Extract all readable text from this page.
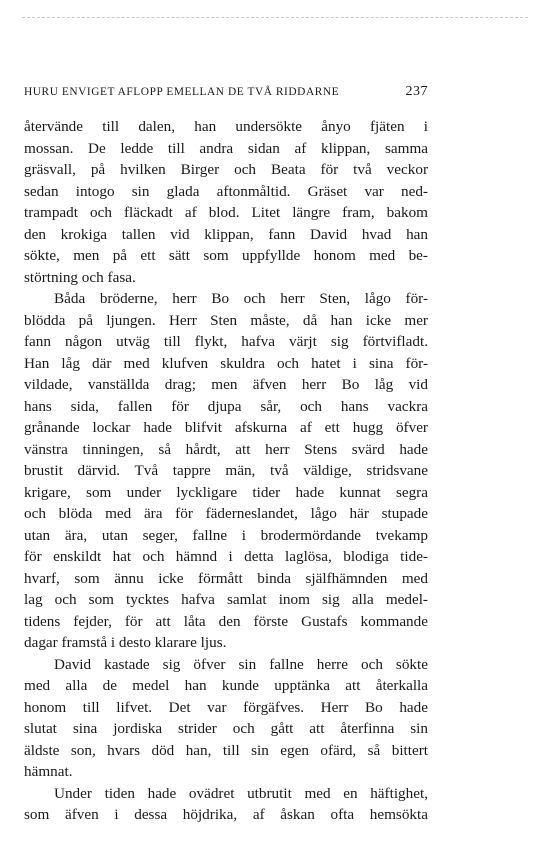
HURU ENVIGET AFLOPP EMELLAN DE TVÅ RIDDARNE	237
återvände till dalen, han undersökte ånyo fjäten i
mossan. De ledde till andra sidan af klippan, samma
gräsvall, på hvilken Birger och Beata för två veckor
sedan intogo sin glada aftonmåltid. Gräset var ned-
trampadt och fläckadt af blod. Litet längre fram, bakom
den krokiga tallen vid klippan, fann David hvad han
sökte, men på ett sätt som uppfyllde honom med be-
störtning och fasa.
Båda bröderne, herr Bo och herr Sten, lågo för-
blödda på ljungen. Herr Sten måste, då han icke mer
fann någon utväg till flykt, hafva värjt sig förtvifladt.
Han låg där med klufven skuldra och hatet i sina för-
vildade, vanställda drag; men äfven herr Bo låg vid
hans sida, fallen för djupa sår, och hans vackra
grånande lockar hade blifvit afskurna af ett hugg öfver
vänstra tinningen, så hårdt, att herr Stens svärd hade
brustit därvid. Två tappre män, två väldige, stridsvane
krigare, som under lyckligare tider hade kunnat segra
och blöda med ära för fäderneslandet, lågo här stupade
utan ära, utan seger, fallne i brodermördande tvekamp
för enskildt hat och hämnd i detta laglösa, blodiga tide-
hvarf, som ännu icke förmått binda själfhämnden med
lag och som tycktes hafva samlat inom sig alla medel-
tidens fejder, för att låta den förste Gustafs kommande
dagar framstå i desto klarare ljus.
David kastade sig öfver sin fallne herre och sökte
med alla de medel han kunde upptänka att återkalla
honom till lifvet. Det var förgäfves. Herr Bo hade
slutat sina jordiska strider och gått att återfinna sin
äldste son, hvars död han, till sin egen ofärd, så bittert
hämnat.
Under tiden hade ovädret utbrutit med en häftighet,
som äfven i dessa höjdrika, af åskan ofta hemsökta
